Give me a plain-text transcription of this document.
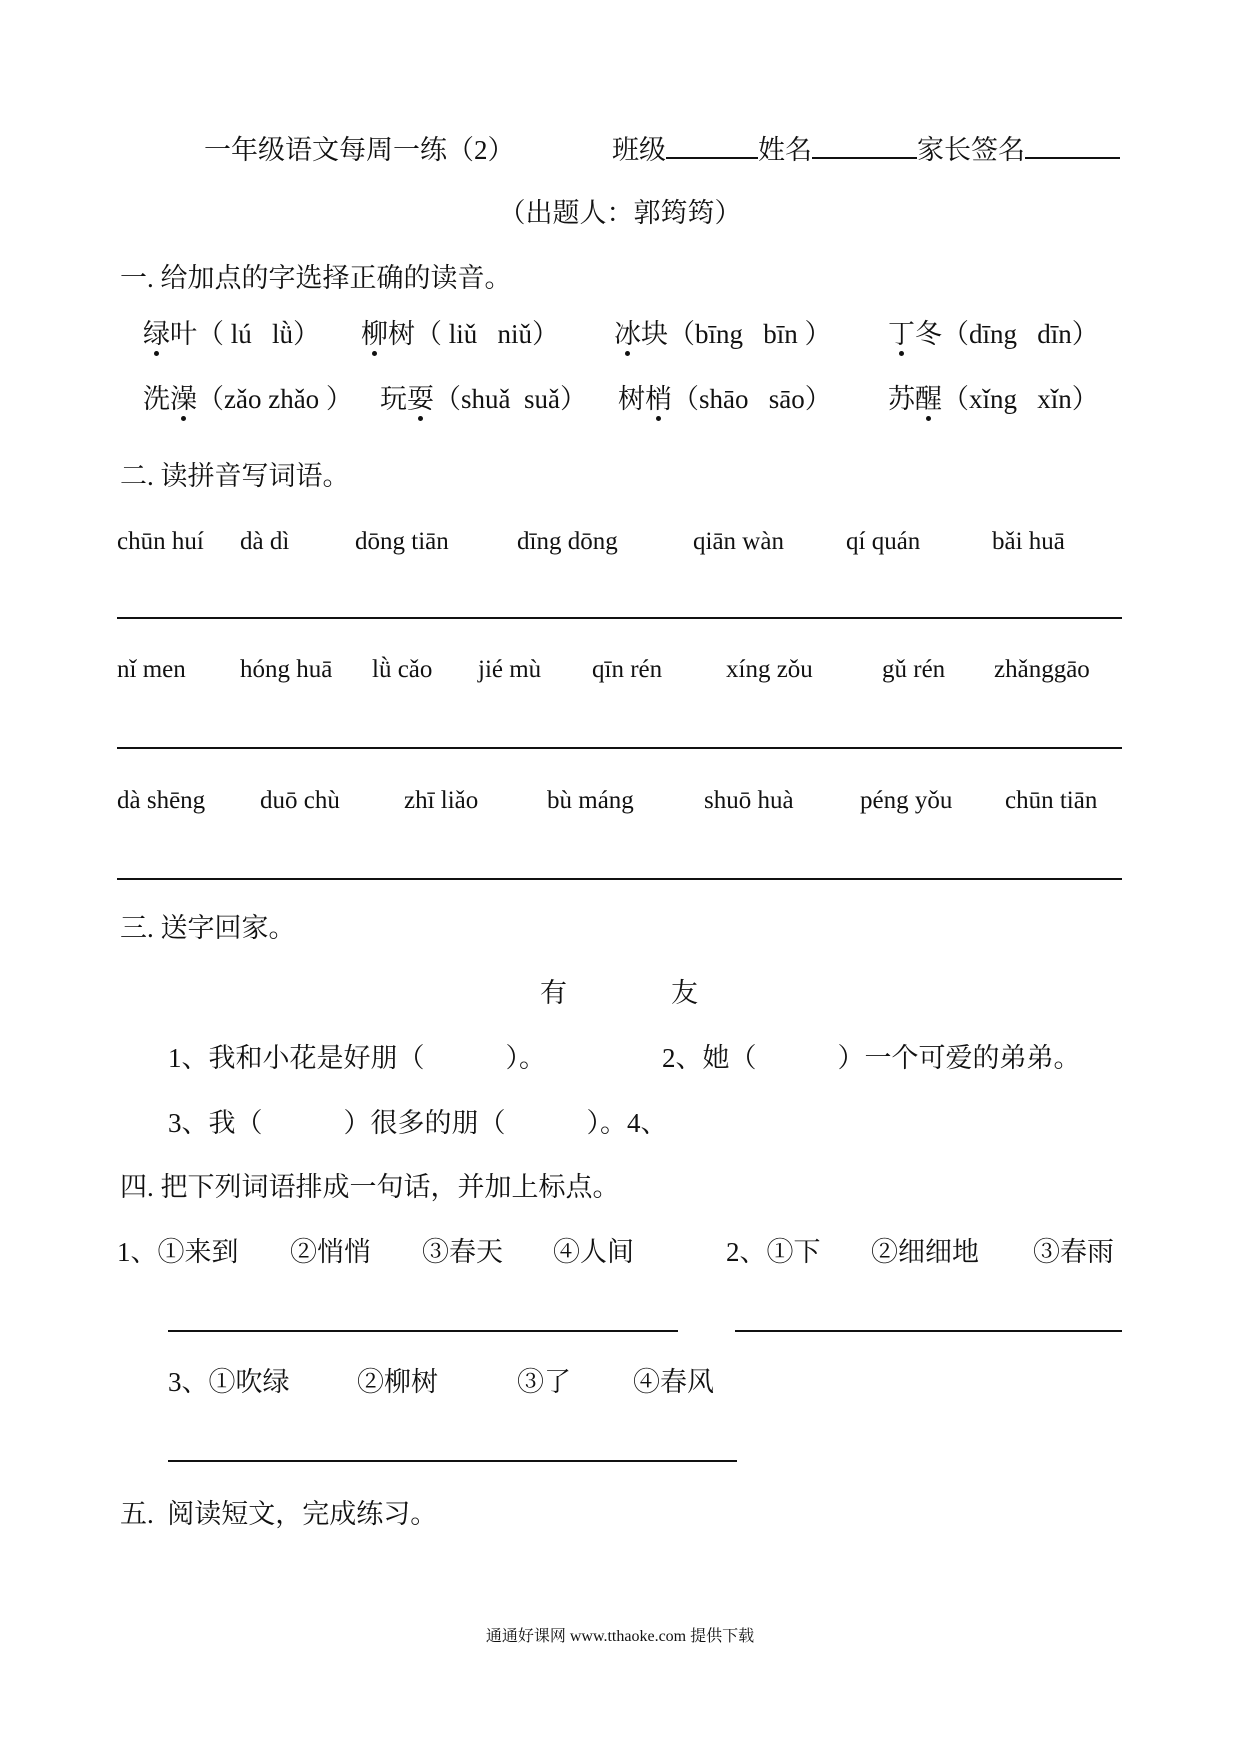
一年级语文每周一练（2）	班级	姓名	家长签名
（出题人：郭筠筠）
一. 给加点的字选择正确的读音。
绿叶（ lú   lǜ） 柳树（ liǔ   niǔ） 冰块（bīng   bīn ） 丁冬（dīng   dīn）
洗澡（zǎo zhǎo ） 玩耍（shuǎ  suǎ） 树梢（shāo   sāo） 苏醒（xǐng   xǐn）
二. 读拼音写词语。
chūn huí dà dì	dōng tiān	dīng dōng	qiān wàn qí quán	bǎi huā
nǐ men hóng huā lǜ cǎo jié mù qīn rén	xíng zǒu	gǔ rén zhǎnggāo
dà shēng duō chù	zhī liǎo	bù máng	shuō huà	péng yǒu chūn tiān
三. 送字回家。
有	友
1、我和小花是好朋（　　　）。	2、她（　　　）一个可爱的弟弟。
3、我（　　　）很多的朋（　　　）。4、
四. 把下列词语排成一句话，并加上标点。
1、①来到 ②悄悄 ③春天 ④人间	2、①下 ②细细地 ③春雨
3、①吹绿	②柳树	③了 ④春风
五.  阅读短文，完成练习。
通通好课网 www.tthaoke.com 提供下载
